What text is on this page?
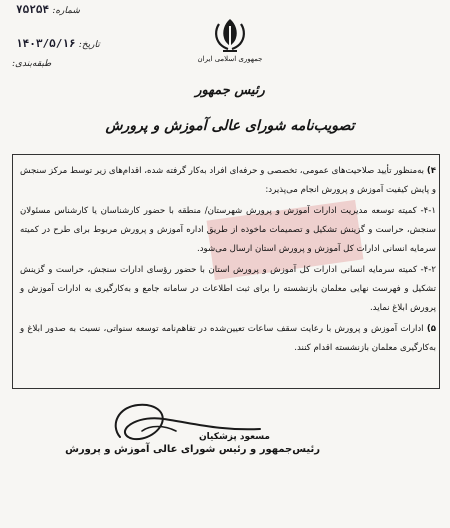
شماره: ۷۵۲۵۴
تاریخ: ۱۴۰۳/۵/۱۶
طبقه‌بندی:	جمهوری اسلامی ایران
رئیس جمهور
تصویب‌نامه شورای عالی آموزش و پرورش

۴) به‌منظور تأیید صلاحیت‌های عمومی، تخصصی و حرفه‌ای افراد به‌کار گرفته شده، اقدام‌های زیر توسط مرکز سنجش و پایش کیفیت آموزش و پرورش انجام می‌پذیرد:

۴-۱- کمیته توسعه مدیریت ادارات آموزش و پرورش شهرستان/ منطقه با حضور کارشناسان یا کارشناس مسئولان سنجش، حراست و گزینش تشکیل و تصمیمات ماخوذه از طریق اداره آموزش و پرورش مربوط برای طرح در کمیته سرمایه انسانی ادارات کل آموزش و پرورش استان ارسال می‌شود.

۴-۲- کمیته سرمایه انسانی ادارات کل آموزش و پرورش استان با حضور رؤسای ادارات سنجش، حراست و گزینش تشکیل و فهرست نهایی معلمان بازنشسته را برای ثبت اطلاعات در سامانه جامع و به‌کارگیری به ادارات آموزش و پرورش ابلاغ نماید.

۵) ادارات آموزش و پرورش با رعایت سقف ساعات تعیین‌شده در تفاهم‌نامه توسعه سنواتی، نسبت به صدور ابلاغ و به‌کارگیری معلمان بازنشسته اقدام کنند.

مسعود پزشکیان
رئیس‌جمهور و رئیس شورای عالی آموزش و پرورش
